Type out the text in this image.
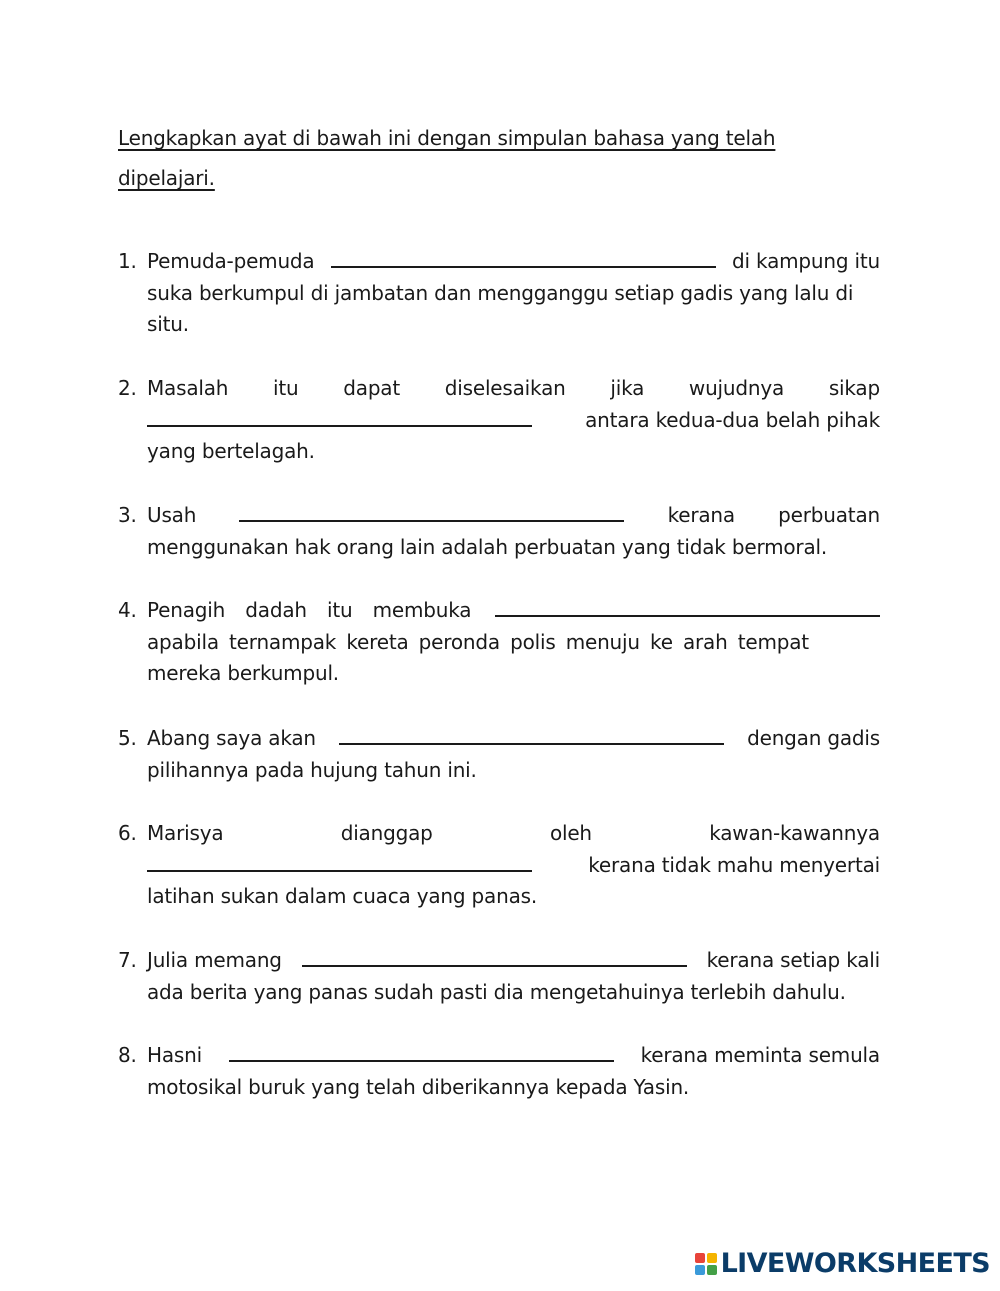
Lengkapkan ayat di bawah ini dengan simpulan bahasa yang telah
dipelajari.
1. Pemuda-pemuda	di kampung itu
suka berkumpul di jambatan dan mengganggu setiap gadis yang lalu di
situ.
2. Masalah itu dapat diselesaikan jika wujudnya sikap
antara kedua-dua belah pihak
yang bertelagah.
3. Usah	kerana perbuatan
menggunakan hak orang lain adalah perbuatan yang tidak bermoral.
4. Penagih dadah itu membuka
apabila ternampak kereta peronda polis menuju ke arah tempat
mereka berkumpul.
5. Abang saya akan	dengan gadis
pilihannya pada hujung tahun ini.
6. Marisya	dianggap	oleh	kawan-kawannya
kerana tidak mahu menyertai
latihan sukan dalam cuaca yang panas.
7. Julia memang	kerana setiap kali
ada berita yang panas sudah pasti dia mengetahuinya terlebih dahulu.
8. Hasni	kerana meminta semula
motosikal buruk yang telah diberikannya kepada Yasin.
LIVEWORKSHEETS
